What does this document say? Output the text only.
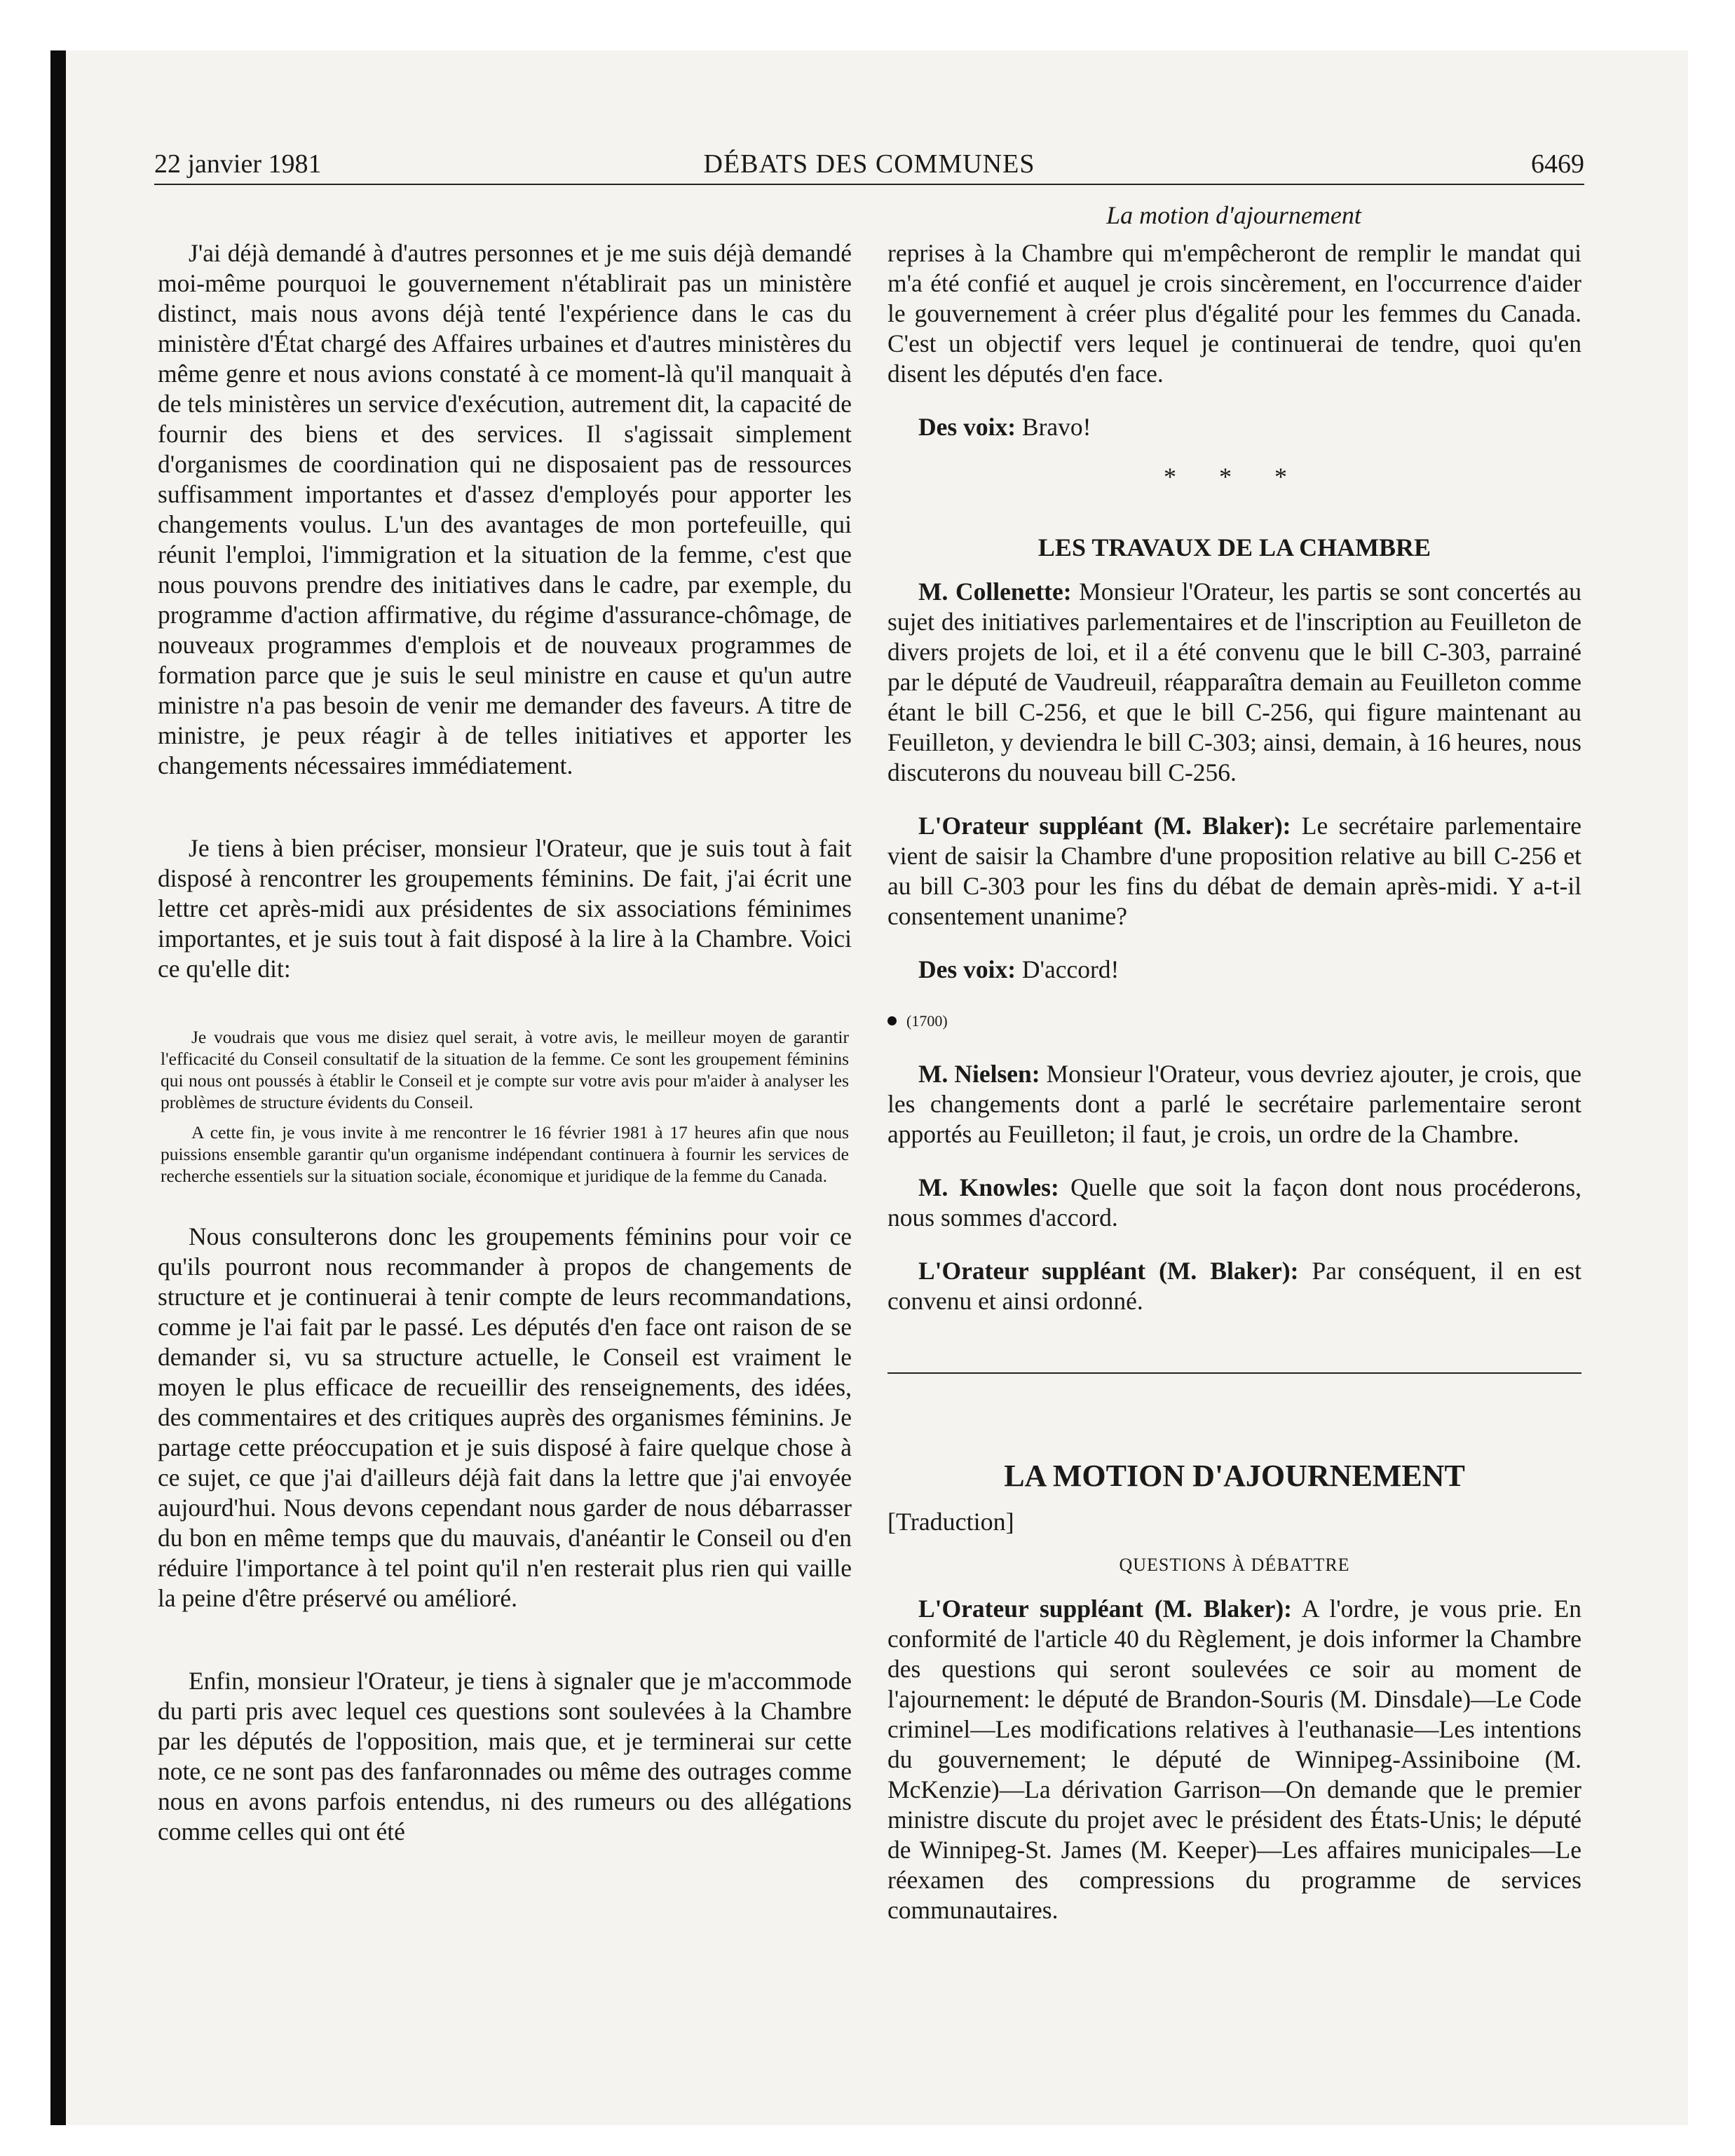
22 janvier 1981	DÉBATS DES COMMUNES	6469
La motion d'ajournement

J'ai déjà demandé à d'autres personnes et je me suis déjà demandé moi-même pourquoi le gouvernement n'établirait pas un ministère distinct, mais nous avons déjà tenté l'expérience dans le cas du ministère d'État chargé des Affaires urbaines et d'autres ministères du même genre et nous avions constaté à ce moment-là qu'il manquait à de tels ministères un service d'exécution, autrement dit, la capacité de fournir des biens et des services. Il s'agissait simplement d'organismes de coordination qui ne disposaient pas de ressources suffisamment importantes et d'assez d'employés pour apporter les changements voulus. L'un des avantages de mon portefeuille, qui réunit l'emploi, l'immigration et la situation de la femme, c'est que nous pouvons prendre des initiatives dans le cadre, par exemple, du programme d'action affirmative, du régime d'assurance-chômage, de nouveaux programmes d'emplois et de nouveaux programmes de formation parce que je suis le seul ministre en cause et qu'un autre ministre n'a pas besoin de venir me demander des faveurs. A titre de ministre, je peux réagir à de telles initiatives et apporter les changements nécessaires immédiatement.

Je tiens à bien préciser, monsieur l'Orateur, que je suis tout à fait disposé à rencontrer les groupements féminins. De fait, j'ai écrit une lettre cet après-midi aux présidentes de six associations féminimes importantes, et je suis tout à fait disposé à la lire à la Chambre. Voici ce qu'elle dit:

Je voudrais que vous me disiez quel serait, à votre avis, le meilleur moyen de garantir l'efficacité du Conseil consultatif de la situation de la femme. Ce sont les groupement féminins qui nous ont poussés à établir le Conseil et je compte sur votre avis pour m'aider à analyser les problèmes de structure évidents du Conseil.

A cette fin, je vous invite à me rencontrer le 16 février 1981 à 17 heures afin que nous puissions ensemble garantir qu'un organisme indépendant continuera à fournir les services de recherche essentiels sur la situation sociale, économique et juridique de la femme du Canada.

Nous consulterons donc les groupements féminins pour voir ce qu'ils pourront nous recommander à propos de changements de structure et je continuerai à tenir compte de leurs recommandations, comme je l'ai fait par le passé. Les députés d'en face ont raison de se demander si, vu sa structure actuelle, le Conseil est vraiment le moyen le plus efficace de recueillir des renseignements, des idées, des commentaires et des critiques auprès des organismes féminins. Je partage cette préoccupation et je suis disposé à faire quelque chose à ce sujet, ce que j'ai d'ailleurs déjà fait dans la lettre que j'ai envoyée aujourd'hui. Nous devons cependant nous garder de nous débarrasser du bon en même temps que du mauvais, d'anéantir le Conseil ou d'en réduire l'importance à tel point qu'il n'en resterait plus rien qui vaille la peine d'être préservé ou amélioré.

Enfin, monsieur l'Orateur, je tiens à signaler que je m'accommode du parti pris avec lequel ces questions sont soulevées à la Chambre par les députés de l'opposition, mais que, et je terminerai sur cette note, ce ne sont pas des fanfaronnades ou même des outrages comme nous en avons parfois entendus, ni des rumeurs ou des allégations comme celles qui ont été

reprises à la Chambre qui m'empêcheront de remplir le mandat qui m'a été confié et auquel je crois sincèrement, en l'occurrence d'aider le gouvernement à créer plus d'égalité pour les femmes du Canada. C'est un objectif vers lequel je continuerai de tendre, quoi qu'en disent les députés d'en face.

Des voix: Bravo!

* * *
LES TRAVAUX DE LA CHAMBRE

M. Collenette: Monsieur l'Orateur, les partis se sont concertés au sujet des initiatives parlementaires et de l'inscription au Feuilleton de divers projets de loi, et il a été convenu que le bill C-303, parrainé par le député de Vaudreuil, réapparaîtra demain au Feuilleton comme étant le bill C-256, et que le bill C-256, qui figure maintenant au Feuilleton, y deviendra le bill C-303; ainsi, demain, à 16 heures, nous discuterons du nouveau bill C-256.

L'Orateur suppléant (M. Blaker): Le secrétaire parlementaire vient de saisir la Chambre d'une proposition relative au bill C-256 et au bill C-303 pour les fins du débat de demain après-midi. Y a-t-il consentement unanime?

Des voix: D'accord!

(1700)

M. Nielsen: Monsieur l'Orateur, vous devriez ajouter, je crois, que les changements dont a parlé le secrétaire parlementaire seront apportés au Feuilleton; il faut, je crois, un ordre de la Chambre.

M. Knowles: Quelle que soit la façon dont nous procéderons, nous sommes d'accord.

L'Orateur suppléant (M. Blaker): Par conséquent, il en est convenu et ainsi ordonné.

LA MOTION D'AJOURNEMENT
[Traduction]
QUESTIONS À DÉBATTRE

L'Orateur suppléant (M. Blaker): A l'ordre, je vous prie. En conformité de l'article 40 du Règlement, je dois informer la Chambre des questions qui seront soulevées ce soir au moment de l'ajournement: le député de Brandon-Souris (M. Dinsdale)—Le Code criminel—Les modifications relatives à l'euthanasie—Les intentions du gouvernement; le député de Winnipeg-Assiniboine (M. McKenzie)—La dérivation Garrison—On demande que le premier ministre discute du projet avec le président des États-Unis; le député de Winnipeg-St. James (M. Keeper)—Les affaires municipales—Le réexamen des compressions du programme de services communautaires.
